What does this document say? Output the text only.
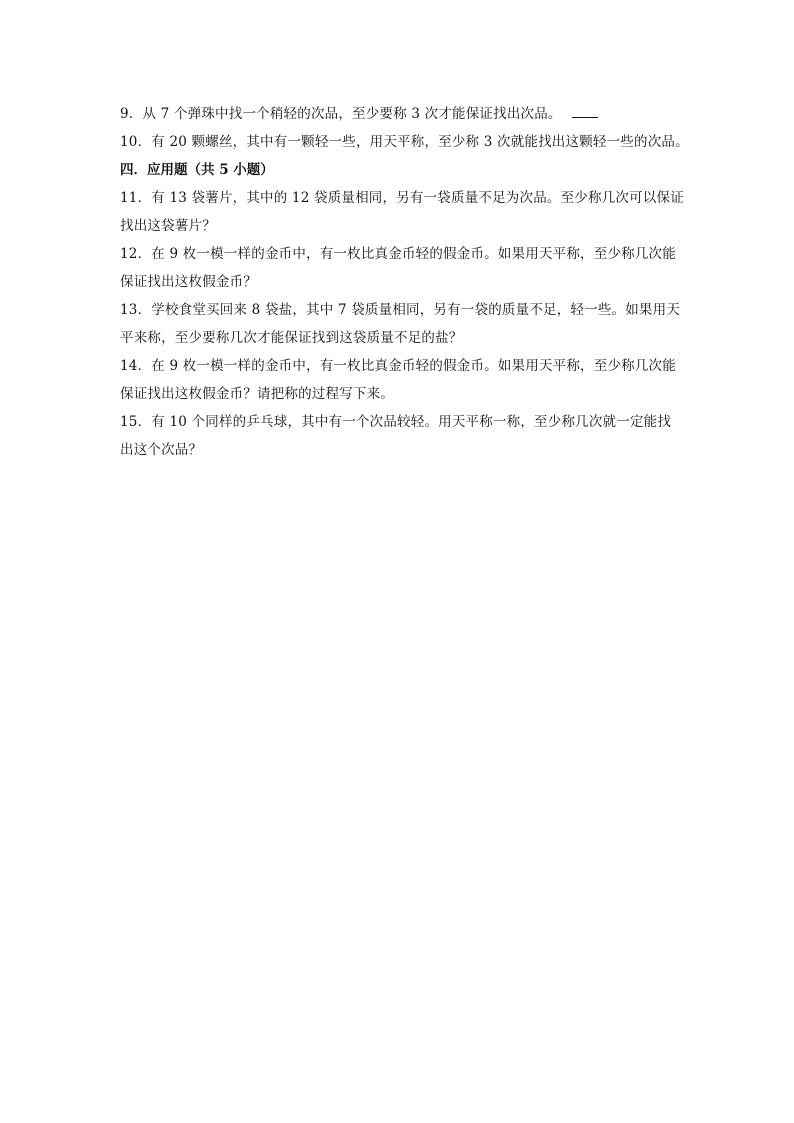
9．从 7 个弹珠中找一个稍轻的次品，至少要称 3 次才能保证找出次品。
10．有 20 颗螺丝，其中有一颗轻一些，用天平称，至少称 3 次就能找出这颗轻一些的次品。
四．应用题（共 5 小题）
11．有 13 袋薯片，其中的 12 袋质量相同，另有一袋质量不足为次品。至少称几次可以保证
找出这袋薯片？
12．在 9 枚一模一样的金币中，有一枚比真金币轻的假金币。如果用天平称，至少称几次能
保证找出这枚假金币？
13．学校食堂买回来 8 袋盐，其中 7 袋质量相同，另有一袋的质量不足，轻一些。如果用天
平来称，至少要称几次才能保证找到这袋质量不足的盐？
14．在 9 枚一模一样的金币中，有一枚比真金币轻的假金币。如果用天平称，至少称几次能
保证找出这枚假金币？请把称的过程写下来。
15．有 10 个同样的乒乓球，其中有一个次品较轻。用天平称一称，至少称几次就一定能找
出这个次品？
